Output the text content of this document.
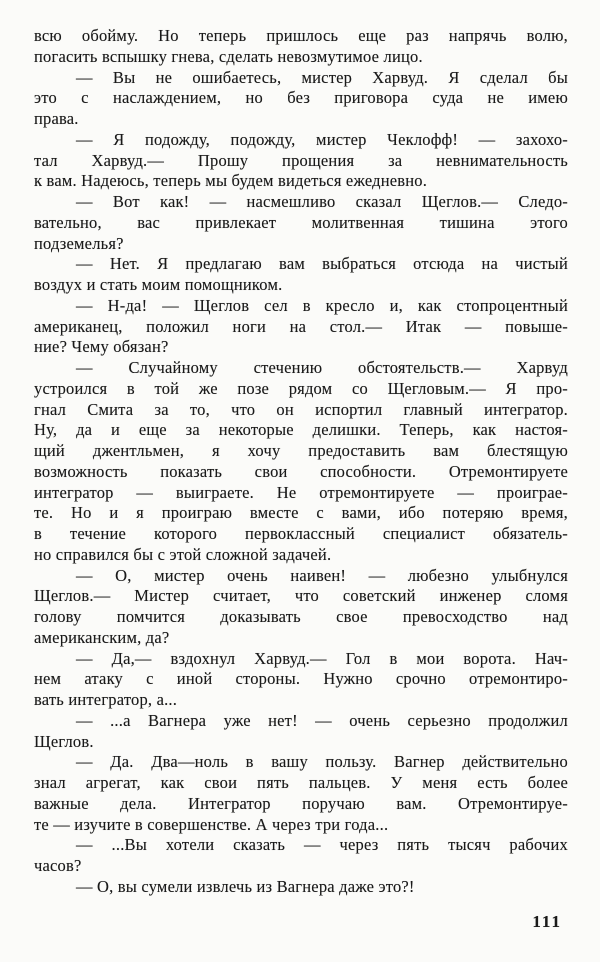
всю обойму. Но теперь пришлось еще раз напрячь волю,
погасить вспышку гнева, сделать невозмутимое лицо.
— Вы не ошибаетесь, мистер Харвуд. Я сделал бы
это с наслаждением, но без приговора суда не имею
права.
— Я подожду, подожду, мистер Чеклофф! — захохо-
тал Харвуд.— Прошу прощения за невнимательность
к вам. Надеюсь, теперь мы будем видеться ежедневно.
— Вот как! — насмешливо сказал Щеглов.— Следо-
вательно, вас привлекает молитвенная тишина этого
подземелья?
— Нет. Я предлагаю вам выбраться отсюда на чистый
воздух и стать моим помощником.
— Н-да! — Щеглов сел в кресло и, как стопроцентный
американец, положил ноги на стол.— Итак — повыше-
ние? Чему обязан?
— Случайному стечению обстоятельств.— Харвуд
устроился в той же позе рядом со Щегловым.— Я про-
гнал Смита за то, что он испортил главный интегратор.
Ну, да и еще за некоторые делишки. Теперь, как настоя-
щий джентльмен, я хочу предоставить вам блестящую
возможность показать свои способности. Отремонтируете
интегратор — выиграете. Не отремонтируете — проиграе-
те. Но и я проиграю вместе с вами, ибо потеряю время,
в течение которого первоклассный специалист обязатель-
но справился бы с этой сложной задачей.
— О, мистер очень наивен! — любезно улыбнулся
Щеглов.— Мистер считает, что советский инженер сломя
голову помчится доказывать свое превосходство над
американским, да?
— Да,— вздохнул Харвуд.— Гол в мои ворота. Нач-
нем атаку с иной стороны. Нужно срочно отремонтиро-
вать интегратор, а...
— ...а Вагнера уже нет! — очень серьезно продолжил
Щеглов.
— Да. Два—ноль в вашу пользу. Вагнер действительно
знал агрегат, как свои пять пальцев. У меня есть более
важные дела. Интегратор поручаю вам. Отремонтируе-
те — изучите в совершенстве. А через три года...
— ...Вы хотели сказать — через пять тысяч рабочих
часов?
— О, вы сумели извлечь из Вагнера даже это?!
111
